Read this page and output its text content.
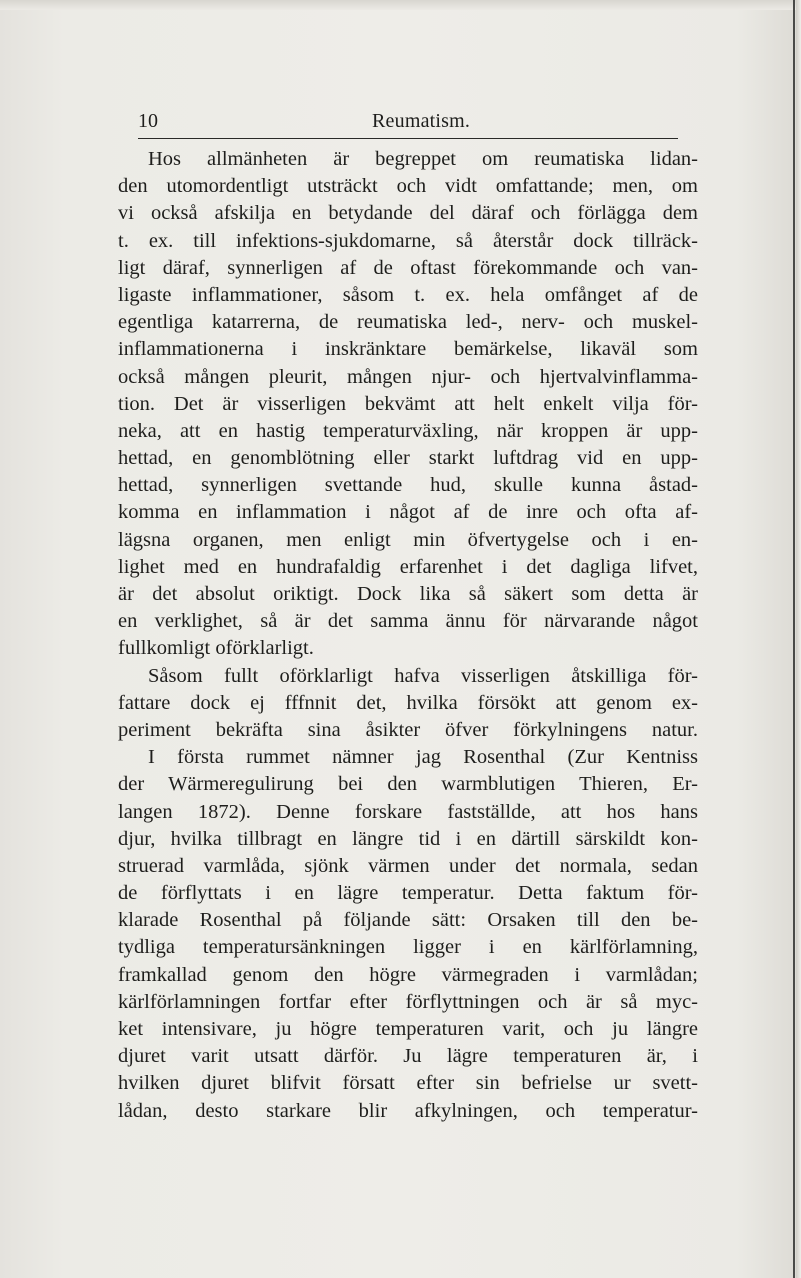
10	Reumatism.
Hos allmänheten är begreppet om reumatiska lidan-
den utomordentligt utsträckt och vidt omfattande; men, om
vi också afskilja en betydande del däraf och förlägga dem
t. ex. till infektions-sjukdomarne, så återstår dock tillräck-
ligt däraf, synnerligen af de oftast förekommande och van-
ligaste inflammationer, såsom t. ex. hela omfånget af de
egentliga katarrerna, de reumatiska led-, nerv- och muskel-
inflammationerna i inskränktare bemärkelse, likaväl som
också mången pleurit, mången njur- och hjertvalvinflamma-
tion. Det är visserligen bekvämt att helt enkelt vilja för-
neka, att en hastig temperaturväxling, när kroppen är upp-
hettad, en genomblötning eller starkt luftdrag vid en upp-
hettad, synnerligen svettande hud, skulle kunna åstad-
komma en inflammation i något af de inre och ofta af-
lägsna organen, men enligt min öfvertygelse och i en-
lighet med en hundrafaldig erfarenhet i det dagliga lifvet,
är det absolut oriktigt. Dock lika så säkert som detta är
en verklighet, så är det samma ännu för närvarande något
fullkomligt oförklarligt.
Såsom fullt oförklarligt hafva visserligen åtskilliga för-
fattare dock ej fffnnit det, hvilka försökt att genom ex-
periment bekräfta sina åsikter öfver förkylningens natur.
I första rummet nämner jag Rosenthal (Zur Kentniss
der Wärmeregulirung bei den warmblutigen Thieren, Er-
langen 1872). Denne forskare fastställde, att hos hans
djur, hvilka tillbragt en längre tid i en därtill särskildt kon-
struerad varmlåda, sjönk värmen under det normala, sedan
de förflyttats i en lägre temperatur. Detta faktum för-
klarade Rosenthal på följande sätt: Orsaken till den be-
tydliga temperatursänkningen ligger i en kärlförlamning,
framkallad genom den högre värmegraden i varmlådan;
kärlförlamningen fortfar efter förflyttningen och är så myc-
ket intensivare, ju högre temperaturen varit, och ju längre
djuret varit utsatt därför. Ju lägre temperaturen är, i
hvilken djuret blifvit försatt efter sin befrielse ur svett-
lådan, desto starkare blir afkylningen, och temperatur-
